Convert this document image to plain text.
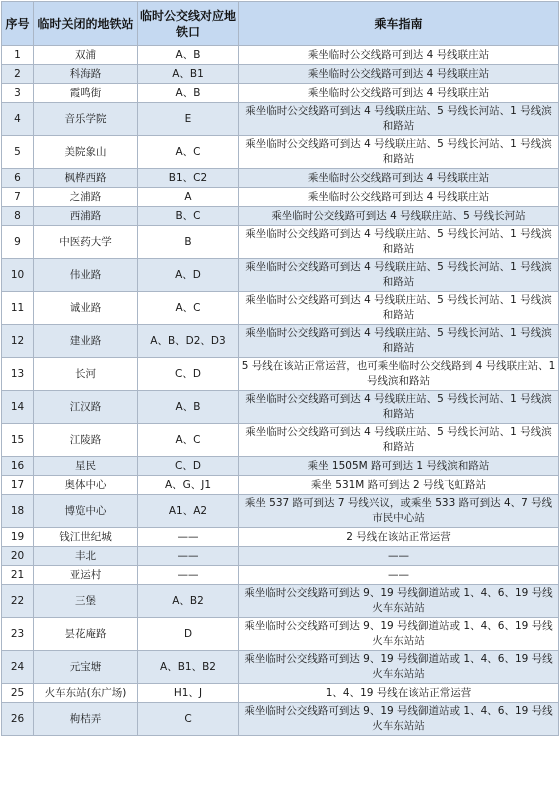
序号	临时关闭的地铁站	临时公交线对应地铁口	乘车指南
1	双浦	A、B	乘坐临时公交线路可到达 4 号线联庄站
2	科海路	A、B1	乘坐临时公交线路可到达 4 号线联庄站
3	霞鸣街	A、B	乘坐临时公交线路可到达 4 号线联庄站
4	音乐学院	E	乘坐临时公交线路可到达 4 号线联庄站、5 号线长河站、1 号线滨和路站
5	美院象山	A、C	乘坐临时公交线路可到达 4 号线联庄站、5 号线长河站、1 号线滨和路站
6	枫桦西路	B1、C2	乘坐临时公交线路可到达 4 号线联庄站
7	之浦路	A	乘坐临时公交线路可到达 4 号线联庄站
8	西浦路	B、C	乘坐临时公交线路可到达 4 号线联庄站、5 号线长河站
9	中医药大学	B	乘坐临时公交线路可到达 4 号线联庄站、5 号线长河站、1 号线滨和路站
10	伟业路	A、D	乘坐临时公交线路可到达 4 号线联庄站、5 号线长河站、1 号线滨和路站
11	诚业路	A、C	乘坐临时公交线路可到达 4 号线联庄站、5 号线长河站、1 号线滨和路站
12	建业路	A、B、D2、D3	乘坐临时公交线路可到达 4 号线联庄站、5 号线长河站、1 号线滨和路站
13	长河	C、D	5 号线在该站正常运营，也可乘坐临时公交线路到 4 号线联庄站、1 号线滨和路站
14	江汉路	A、B	乘坐临时公交线路可到达 4 号线联庄站、5 号线长河站、1 号线滨和路站
15	江陵路	A、C	乘坐临时公交线路可到达 4 号线联庄站、5 号线长河站、1 号线滨和路站
16	星民	C、D	乘坐 1505M 路可到达 1 号线滨和路站
17	奥体中心	A、G、J1	乘坐 531M 路可到达 2 号线飞虹路站
18	博览中心	A1、A2	乘坐 537 路可到达 7 号线兴议，或乘坐 533 路可到达 4、7 号线市民中心站
19	钱江世纪城	——	2 号线在该站正常运营
20	丰北	——	——
21	亚运村	——	——
22	三堡	A、B2	乘坐临时公交线路可到达 9、19 号线御道站或 1、4、6、19 号线火车东站站
23	昙花庵路	D	乘坐临时公交线路可到达 9、19 号线御道站或 1、4、6、19 号线火车东站站
24	元宝塘	A、B1、B2	乘坐临时公交线路可到达 9、19 号线御道站或 1、4、6、19 号线火车东站站
25	火车东站(东广场)	H1、J	1、4、19 号线在该站正常运营
26	枸桔弄	C	乘坐临时公交线路可到达 9、19 号线御道站或 1、4、6、19 号线火车东站站
